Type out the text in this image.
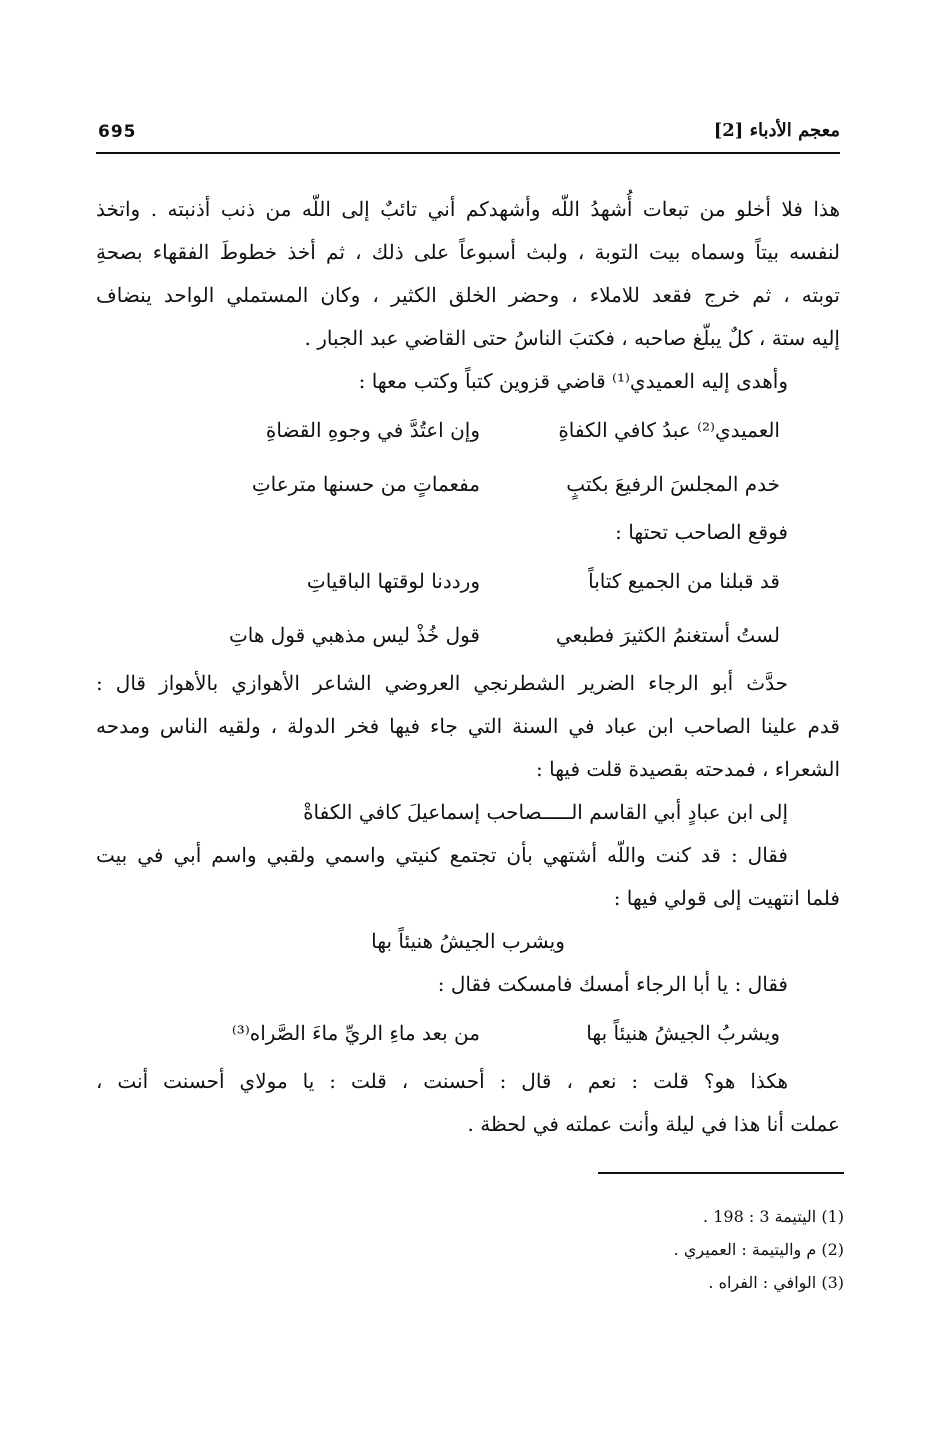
695	معجم الأدباء [2]
هذا فلا أخلو من تبعات أُشهدُ اللّه وأشهدكم أني تائبٌ إلى اللّه من ذنب أذنبته . واتخذ
لنفسه بيتاً وسماه بيت التوبة ، ولبث أسبوعاً على ذلك ، ثم أخذ خطوطَ الفقهاء بصحةِ
توبته ، ثم خرج فقعد للاملاء ، وحضر الخلق الكثير ، وكان المستملي الواحد ينضاف
إليه ستة ، كلٌ يبلّغ صاحبه ، فكتبَ الناسُ حتى القاضي عبد الجبار .
وأهدى إليه العميدي⁽¹⁾ قاضي قزوين كتباً وكتب معها :
العميدي⁽²⁾ عبدُ كافي الكفاةِ
وإن اعتُدَّ في وجوهِ القضاةِ
خدم المجلسَ الرفيعَ بكتبٍ
مفعماتٍ من حسنها مترعاتِ
فوقع الصاحب تحتها :
قد قبلنا من الجميع كتاباً
ورددنا لوقتها الباقياتِ
لستُ أستغنمُ الكثيرَ فطبعي
قول خُذْ ليس مذهبي قول هاتِ
حدَّث أبو الرجاء الضرير الشطرنجي العروضي الشاعر الأهوازي بالأهواز قال :
قدم علينا الصاحب ابن عباد في السنة التي جاء فيها فخر الدولة ، ولقيه الناس ومدحه
الشعراء ، فمدحته بقصيدة قلت فيها :
إلى ابن عبادٍ أبي القاسم الـــــصاحب إسماعيلَ كافي الكفاةْ
فقال : قد كنت واللّه أشتهي بأن تجتمع كنيتي واسمي ولقبي واسم أبي في بيت
فلما انتهيت إلى قولي فيها :
ويشرب الجيشُ هنيئاً بها
فقال : يا أبا الرجاء أمسك فامسكت فقال :
ويشربُ الجيشُ هنيئاً بها
من بعد ماءِ الريِّ ماءَ الصَّراه⁽³⁾
هكذا هو؟ قلت : نعم ، قال : أحسنت ، قلت : يا مولاي أحسنت أنت ،
عملت أنا هذا في ليلة وأنت عملته في لحظة .
(1) اليتيمة 3 : 198 .
(2) م واليتيمة : العميري .
(3) الوافي : الفراه .
